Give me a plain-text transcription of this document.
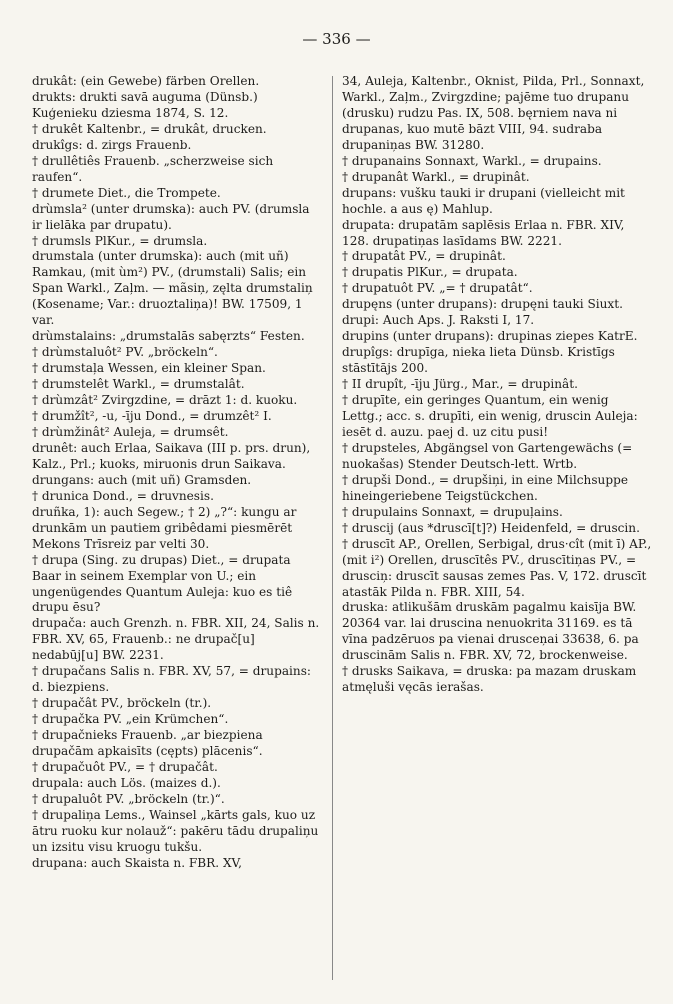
— 336 —

drukât: (ein Gewebe) färben Orellen.

drukts: drukti savā auguma (Dünsb.) Kuģenieku dziesma 1874, S. 12.

† drukêt Kaltenbr., = drukât, drucken.

drukîgs: d. zirgs Frauenb.

† drullêtiês Frauenb. „scherzweise sich raufen“.

† drumete Diet., die Trompete.

drùmsla² (unter drumska): auch PV. (drumsla ir lielāka par drupatu).

† drumsls PlKur., = drumsla.

drumstala (unter drumska): auch (mit uñ) Ramkau, (mit ùm²) PV., (drumstali) Salis; ein Span Warkl., Zaļm. — mãsiņ, zęlta drumstaliņ (Kosename; Var.: druoztaliņa)! BW. 17509, 1 var.

drùmstalains: „drumstalās sabęrzts“ Festen.

† drùmstaluôt² PV. „bröckeln“.

† drumstaļa Wessen, ein kleiner Span.

† drumstelêt Warkl., = drumstalât.

† drùmzât² Zvirgzdine, = drāzt 1: d. kuoku.

† drumžît², -u, -īju Dond., = drumzêt² I.

† drùmžinât² Auleja, = drumsêt.

drunêt: auch Erlaa, Saikava (III p. prs. drun), Kalz., Prl.; kuoks, miruonis drun Saikava.

drungans: auch (mit uñ) Gramsden.

† drunica Dond., = druvnesis.

druñka, 1): auch Segew.; † 2) „?“: kungu ar drunkām un pautiem gribêdami piesmērēt Mekons Trīsreiz par velti 30.

† drupa (Sing. zu drupas) Diet., = drupata Baar in seinem Exemplar von U.; ein ungenügendes Quantum Auleja: kuo es tiê drupu ēsu?

drupača: auch Grenzh. n. FBR. XII, 24, Salis n. FBR. XV, 65, Frauenb.: ne drupač[u] nedabūj[u] BW. 2231.

† drupačans Salis n. FBR. XV, 57, = drupains: d. biezpiens.

† drupačât PV., bröckeln (tr.).

† drupačka PV. „ein Krümchen“.

† drupačnieks Frauenb. „ar biezpiena drupačām apkaisīts (cępts) plācenis“.

† drupačuôt PV., = † drupačât.

drupala: auch Lös. (maizes d.).

† drupaluôt PV. „bröckeln (tr.)“.

† drupaliņa Lems., Wainsel „kārts gals, kuo uz ātru ruoku kur nolauž“: pakēru tādu drupaliņu un izsitu visu kruogu tukšu.

drupana: auch Skaista n. FBR. XV,

34, Auleja, Kaltenbr., Oknist, Pilda, Prl., Sonnaxt, Warkl., Zaļm., Zvirgzdine; pajēme tuo drupanu (drusku) rudzu Pas. IX, 508. bęrniem nava ni drupanas, kuo mutē bāzt VIII, 94. sudraba drupaniņas BW. 31280.

† drupanains Sonnaxt, Warkl., = drupains.

† drupanât Warkl., = drupinât.

drupans: vušku tauki ir drupani (vielleicht mit hochle. a aus ę) Mahlup.

drupata: drupatām saplēsis Erlaa n. FBR. XIV, 128. drupatiņas lasīdams BW. 2221.

† drupatât PV., = drupinât.

† drupatis PlKur., = drupata.

† drupatuôt PV. „= † drupatât“.

drupęns (unter drupans): drupęni tauki Siuxt.

drupi: Auch Aps. J. Raksti I, 17.

drupins (unter drupans): drupinas ziepes KatrE.

drupîgs: drupīga, nieka lieta Dünsb. Kristīgs stāstītājs 200.

† II drupît, -īju Jürg., Mar., = drupinât.

† drupīte, ein geringes Quantum, ein wenig Lettg.; acc. s. drupīti, ein wenig, druscin Auleja: iesēt d. auzu. paej d. uz citu pusi!

† drupsteles, Abgängsel von Gartengewächs (= nuokašas) Stender Deutsch-lett. Wrtb.

† drupši Dond., = drupšiņi, in eine Milchsuppe hineingeriebene Teigstückchen.

† drupulains Sonnaxt, = drupuļains.

† druscij (aus *druscī[t]?) Heidenfeld, = druscin.

† druscīt AP., Orellen, Serbigal, drus·cît (mit ī) AP., (mit i²) Orellen, druscītês PV., druscītiņas PV., = drusciņ: druscīt sausas zemes Pas. V, 172. druscīt atastāk Pilda n. FBR. XIII, 54.

druska: atlikušām druskām pagalmu kaisīja BW. 20364 var. lai druscina nenuokrita 31169. es tā vīna padzēruos pa vienai drusceņai 33638, 6. pa druscinām Salis n. FBR. XV, 72, brockenweise.

† drusks Saikava, = druska: pa mazam druskam atmęluši vęcās ierašas.
